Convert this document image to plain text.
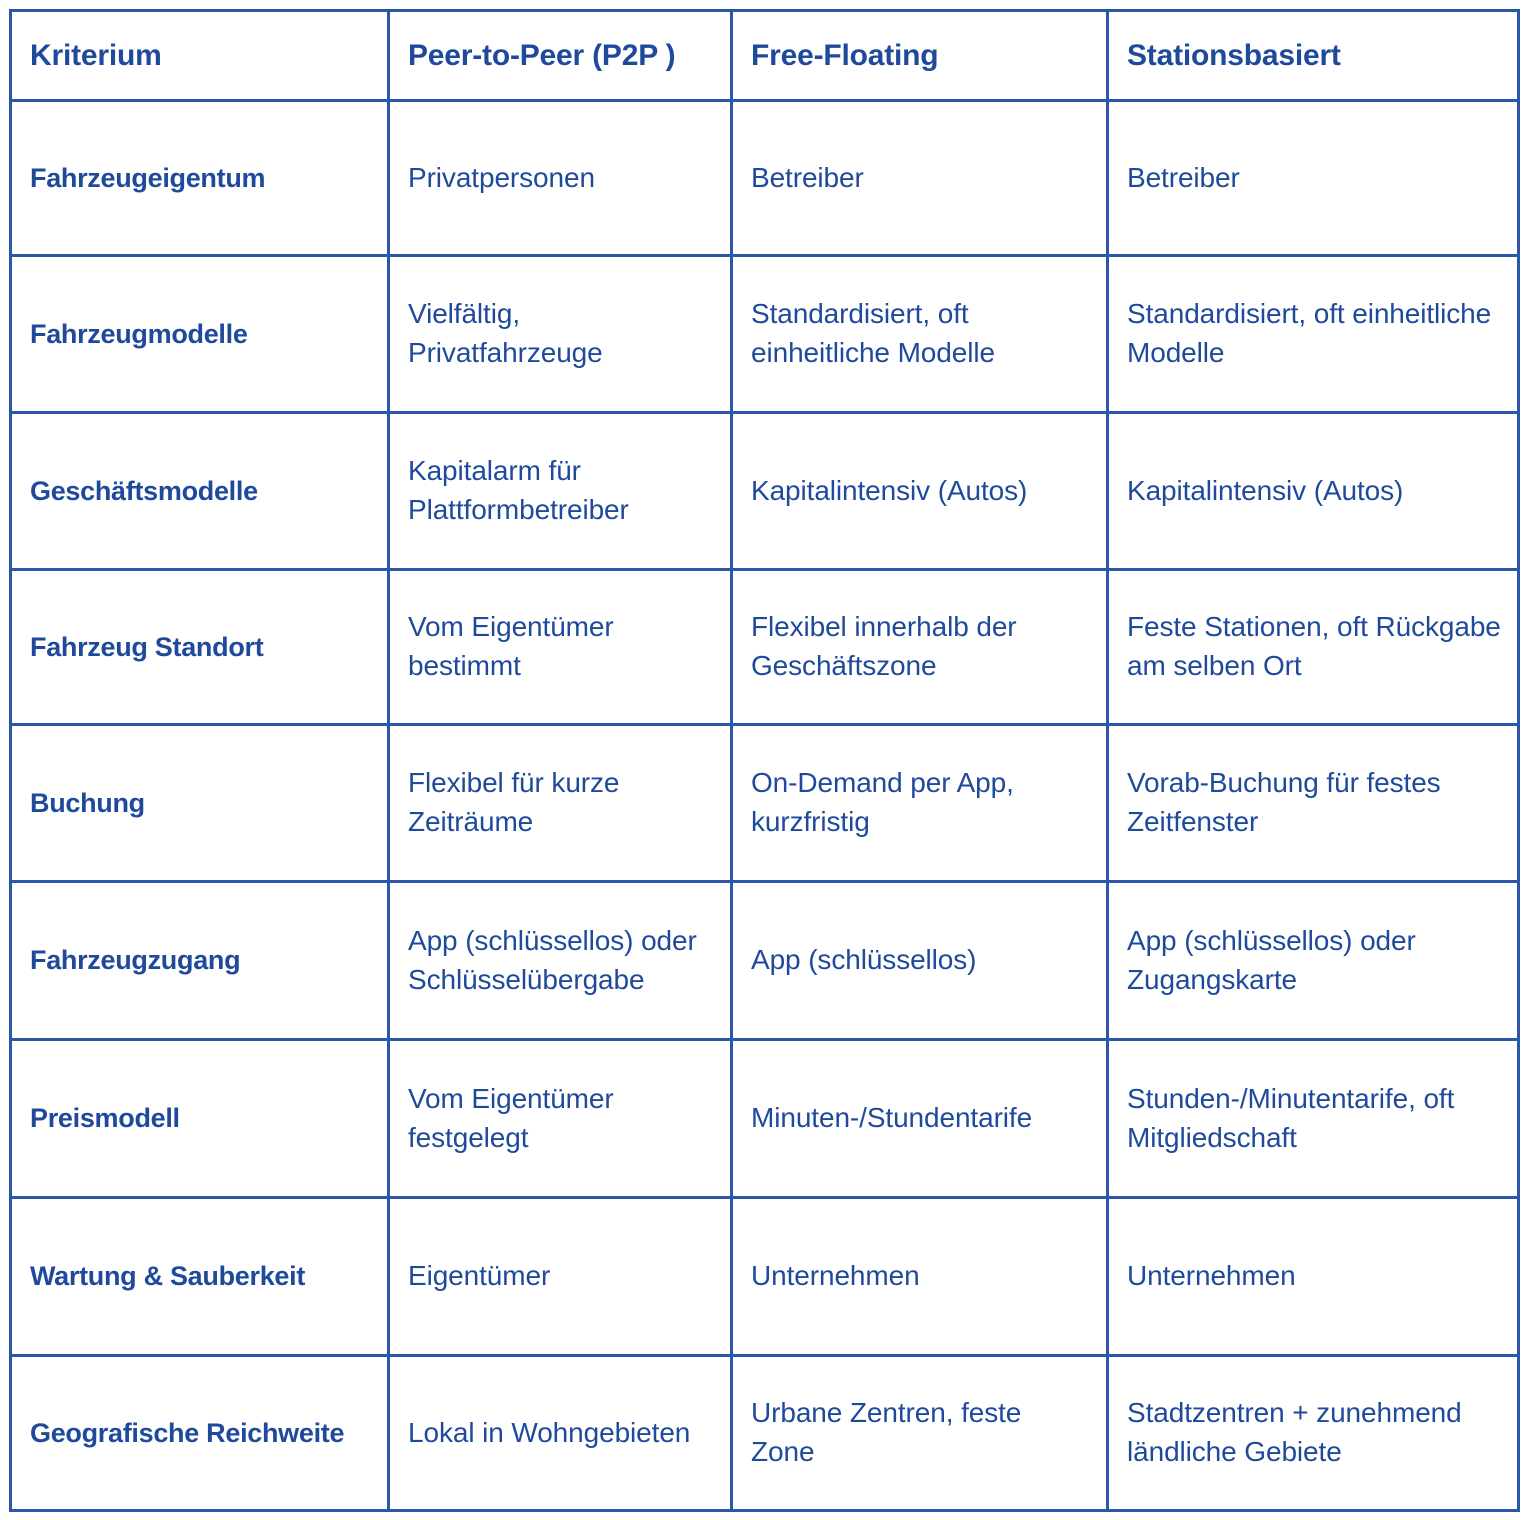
Kriterium	Peer-to-Peer (P2P )	Free-Floating	Stationsbasiert
Fahrzeugeigentum	Privatpersonen	Betreiber	Betreiber
Fahrzeugmodelle	Vielfältig, Privatfahrzeuge	Standardisiert, oft einheitliche Modelle	Standardisiert, oft einheitliche Modelle
Geschäftsmodelle	Kapitalarm für Plattformbetreiber	Kapitalintensiv (Autos)	Kapitalintensiv (Autos)
Fahrzeug Standort	Vom Eigentümer bestimmt	Flexibel innerhalb der Geschäftszone	Feste Stationen, oft Rückgabe am selben Ort
Buchung	Flexibel für kurze Zeiträume	On-Demand per App, kurzfristig	Vorab-Buchung für festes Zeitfenster
Fahrzeugzugang	App (schlüssellos) oder Schlüsselübergabe	App (schlüssellos)	App (schlüssellos) oder Zugangskarte
Preismodell	Vom Eigentümer festgelegt	Minuten-/Stundentarife	Stunden-/Minutentarife, oft Mitgliedschaft
Wartung & Sauberkeit	Eigentümer	Unternehmen	Unternehmen
Geografische Reichweite	Lokal in Wohngebieten	Urbane Zentren, feste Zone	Stadtzentren + zunehmend ländliche Gebiete
